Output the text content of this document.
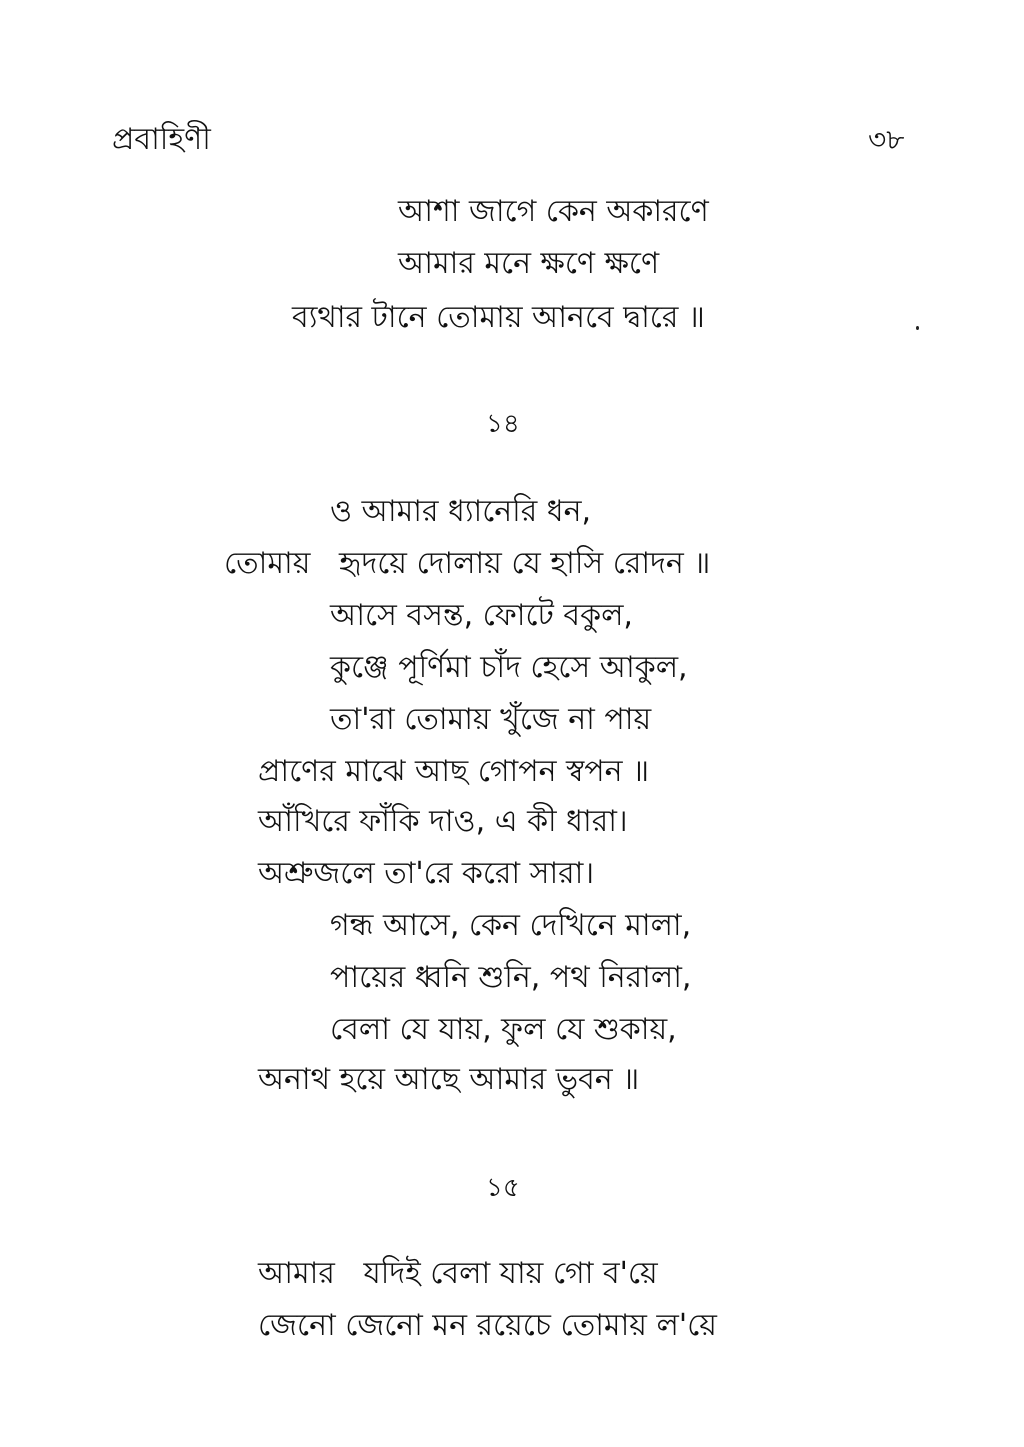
প্রবাহিণী	৩৮
আশা জাগে কেন অকারণে
আমার মনে ক্ষণে ক্ষণে
ব্যথার টানে তোমায় আনবে দ্বারে ॥
১৪
ও আমার ধ্যানেরি ধন,
তোমায়   হৃদয়ে দোলায় যে হাসি রোদন ॥
আসে বসন্ত, ফোটে বকুল,
কুঞ্জে পূর্ণিমা চাঁদ হেসে আকুল,
তা'রা তোমায় খুঁজে না পায়
প্রাণের মাঝে আছ গোপন স্বপন ॥
আঁখিরে ফাঁকি দাও, এ কী ধারা।
অশ্রুজলে তা'রে করো সারা।
গন্ধ আসে, কেন দেখিনে মালা,
পায়ের ধ্বনি শুনি, পথ নিরালা,
বেলা যে যায়, ফুল যে শুকায়,
অনাথ হয়ে আছে আমার ভুবন ॥
১৫
আমার   যদিই বেলা যায় গো ব'য়ে
জেনো জেনো মন রয়েচে তোমায় ল'য়ে
